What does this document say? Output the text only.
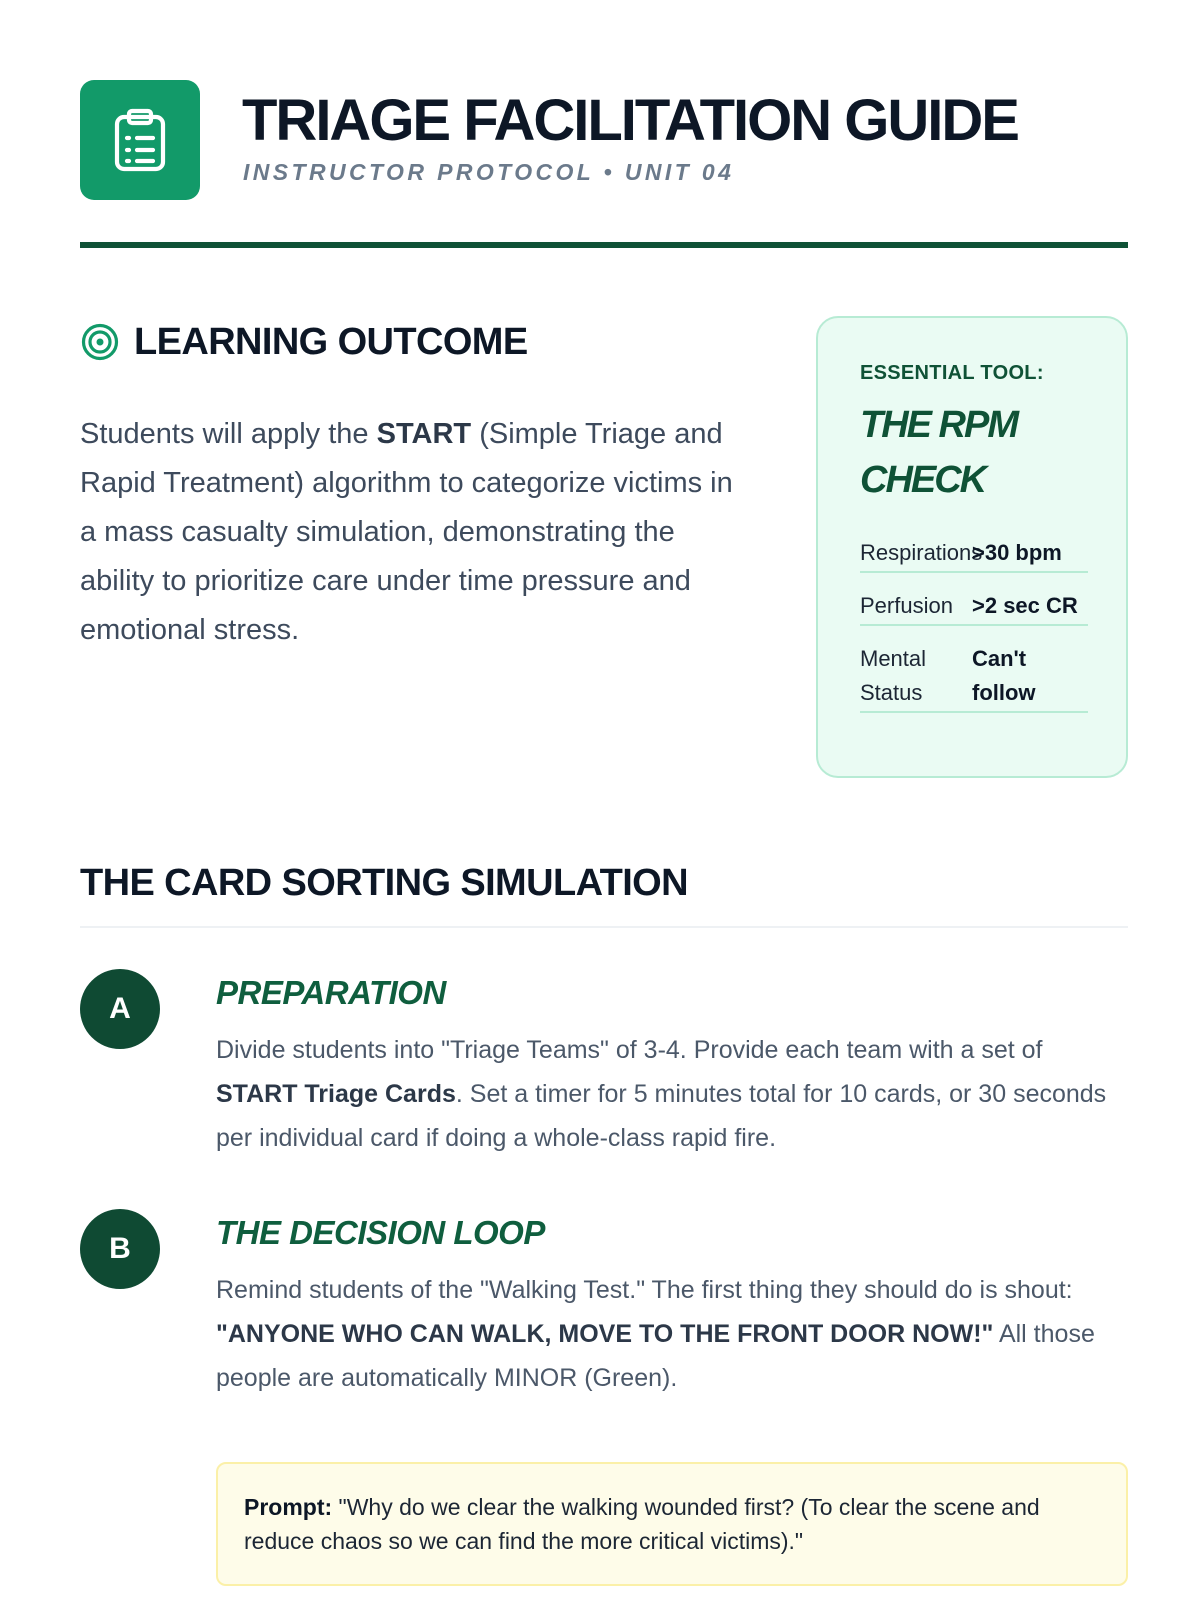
TRIAGE FACILITATION GUIDE
INSTRUCTOR PROTOCOL • UNIT 04
LEARNING OUTCOME

Students will apply the START (Simple Triage and Rapid Treatment) algorithm to categorize victims in a mass casualty simulation, demonstrating the ability to prioritize care under time pressure and emotional stress.

ESSENTIAL TOOL:
THE RPM CHECK
Respirations
>30 bpm
Perfusion >2 sec CR
Mental Status
Can't follow
THE CARD SORTING SIMULATION
A	PREPARATION

Divide students into "Triage Teams" of 3-4. Provide each team with a set of START Triage Cards. Set a timer for 5 minutes total for 10 cards, or 30 seconds per individual card if doing a whole-class rapid fire.

B	THE DECISION LOOP

Remind students of the "Walking Test." The first thing they should do is shout: "ANYONE WHO CAN WALK, MOVE TO THE FRONT DOOR NOW!" All those people are automatically MINOR (Green).

Prompt: "Why do we clear the walking wounded first? (To clear the scene and reduce chaos so we can find the more critical victims)."
